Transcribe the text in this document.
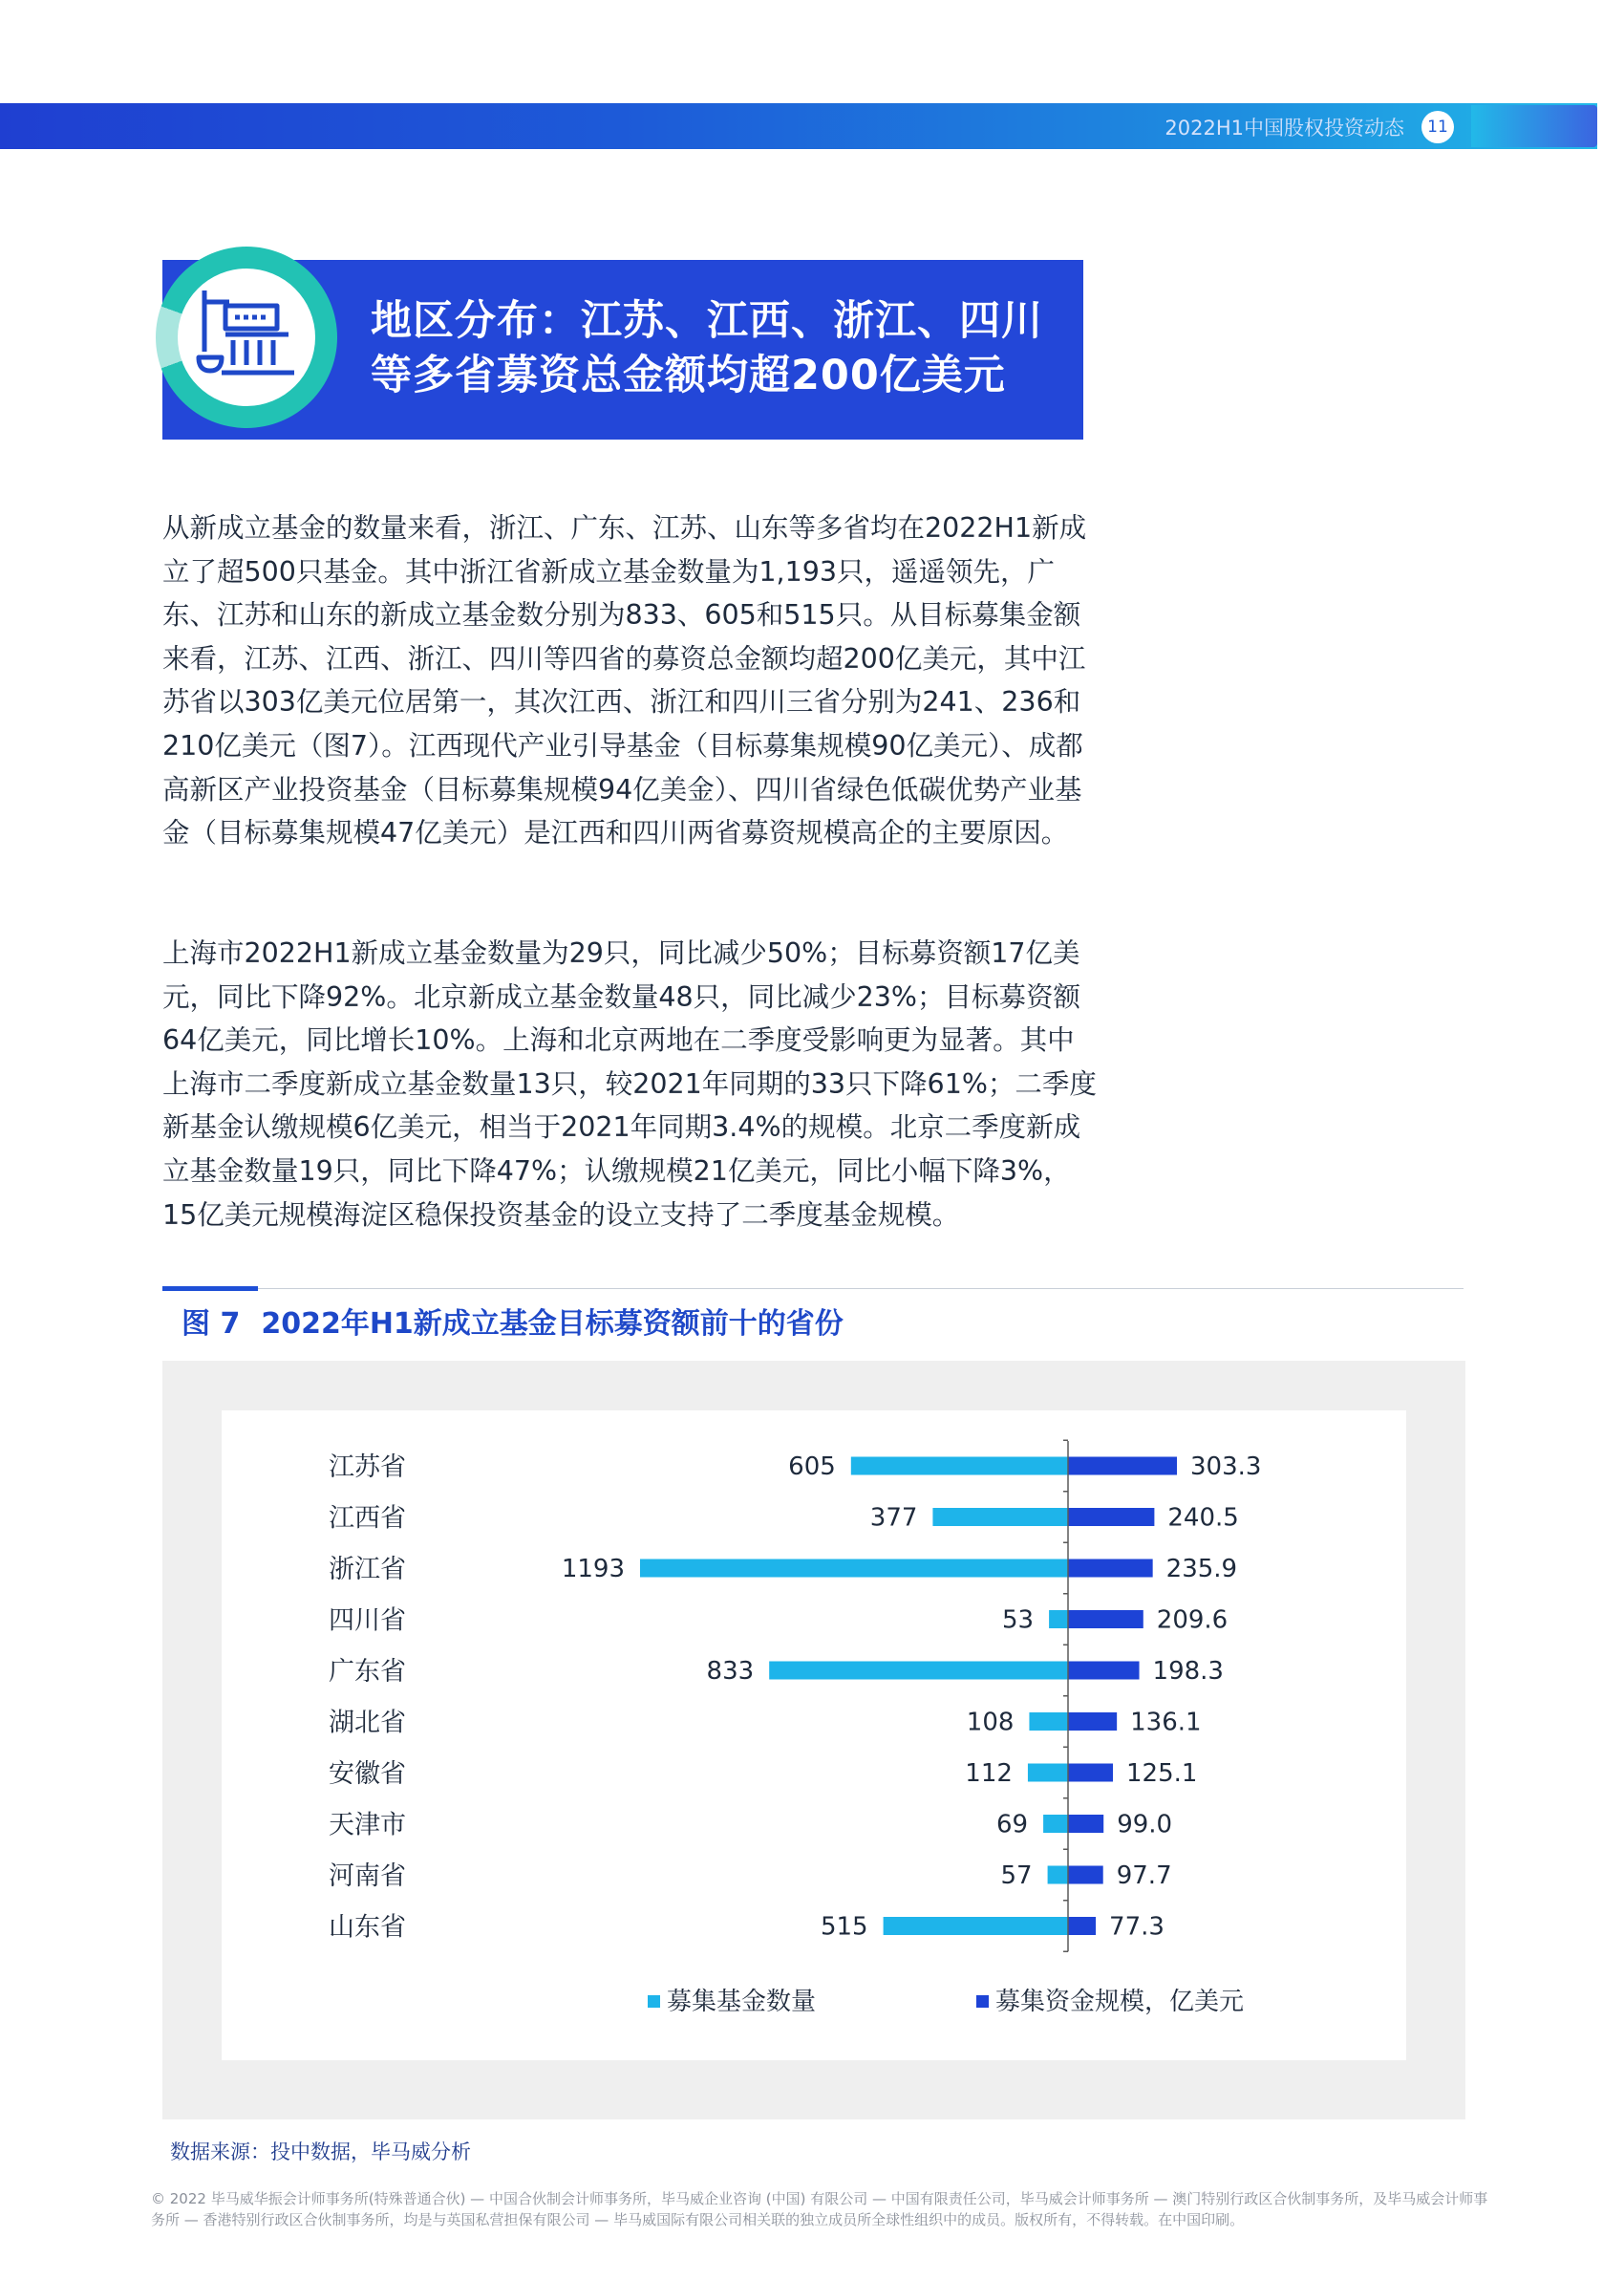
2022H1中国股权投资动态	11
地区分布：江苏、江西、浙江、四川
等多省募资总金额均超200亿美元
从新成立基金的数量来看，浙江、广东、江苏、山东等多省均在2022H1新成立了超500只基金。其中浙江省新成立基金数量为1,193只，遥遥领先，广东、江苏和山东的新成立基金数分别为833、605和515只。从目标募集金额来看，江苏、江西、浙江、四川等四省的募资总金额均超200亿美元，其中江苏省以303亿美元位居第一，其次江西、浙江和四川三省分别为241、236和210亿美元（图7）。江西现代产业引导基金（目标募集规模90亿美元）、成都高新区产业投资基金（目标募集规模94亿美金）、四川省绿色低碳优势产业基金（目标募集规模47亿美元）是江西和四川两省募资规模高企的主要原因。
上海市2022H1新成立基金数量为29只，同比减少50%；目标募资额17亿美元，同比下降92%。北京新成立基金数量48只，同比减少23%；目标募资额64亿美元，同比增长10%。上海和北京两地在二季度受影响更为显著。其中上海市二季度新成立基金数量13只，较2021年同期的33只下降61%；二季度新基金认缴规模6亿美元，相当于2021年同期3.4%的规模。北京二季度新成立基金数量19只，同比下降47%；认缴规模21亿美元，同比小幅下降3%，15亿美元规模海淀区稳保投资基金的设立支持了二季度基金规模。
图 7 2022年H1新成立基金目标募资额前十的省份
江苏省	605	303.3
江西省	377	240.5
浙江省	1193	235.9
四川省	53	209.6
广东省	833	198.3
湖北省	108	136.1
安徽省	112	125.1
天津市	69	99.0
河南省	57	97.7
山东省	515	77.3
募集基金数量	募集资金规模，亿美元
数据来源：投中数据，毕马威分析
© 2022 毕马威华振会计师事务所(特殊普通合伙) — 中国合伙制会计师事务所，毕马威企业咨询 (中国) 有限公司 — 中国有限责任公司，毕马威会计师事务所 — 澳门特别行政区合伙制事务所，及毕马威会计师事务所 — 香港特别行政区合伙制事务所，均是与英国私营担保有限公司 — 毕马威国际有限公司相关联的独立成员所全球性组织中的成员。版权所有，不得转载。在中国印刷。
